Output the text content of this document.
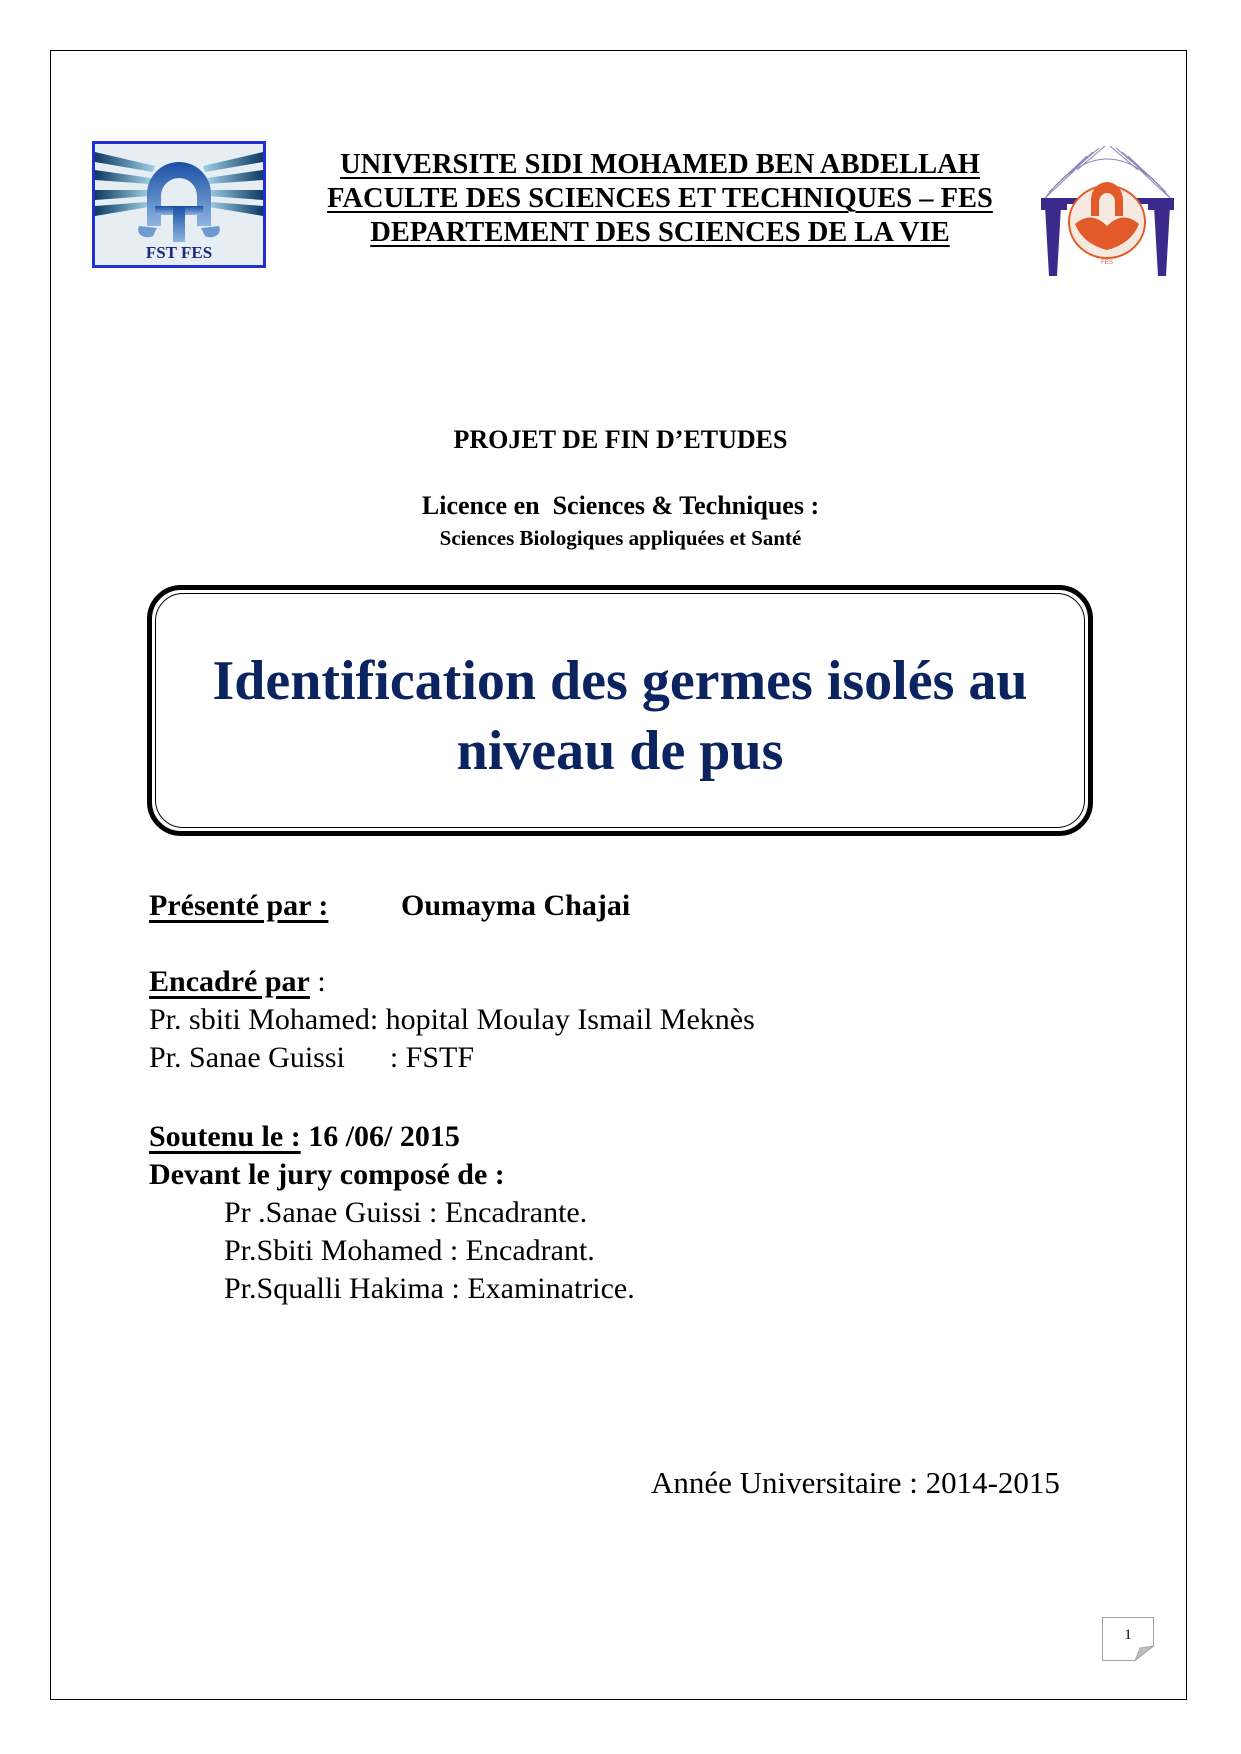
FST FES
FES
UNIVERSITE SIDI MOHAMED BEN ABDELLAH
FACULTE DES SCIENCES ET TECHNIQUES – FES
DEPARTEMENT DES SCIENCES DE LA VIE
PROJET DE FIN D’ETUDES
Licence en  Sciences & Techniques :
Sciences Biologiques appliquées et Santé
Identification des germes isolés au
niveau de pus
Présenté par : Oumayma Chajai
Encadré par :
Pr. sbiti Mohamed: hopital Moulay Ismail Meknès
Pr. Sanae Guissi      : FSTF
Soutenu le : 16 /06/ 2015
Devant le jury composé de :
Pr .Sanae Guissi : Encadrante.
Pr.Sbiti Mohamed : Encadrant.
Pr.Squalli Hakima : Examinatrice.
Année Universitaire : 2014-2015
1
